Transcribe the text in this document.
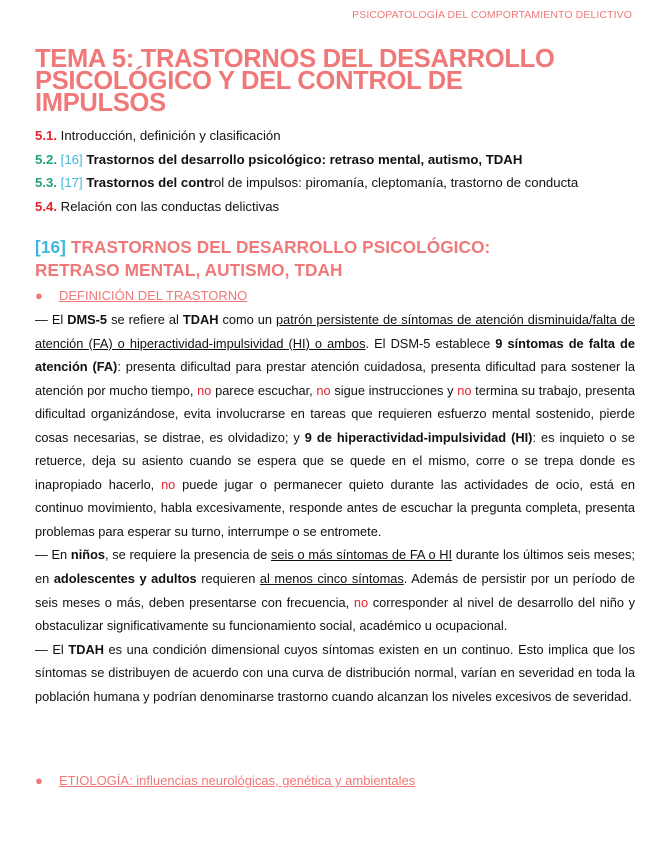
PSICOPATOLOGÍA DEL COMPORTAMIENTO DELICTIVO
TEMA 5: TRASTORNOS DEL DESARROLLO
PSICOLÓGICO Y DEL CONTROL DE
IMPULSOS
5.1. Introducción, definición y clasificación
5.2. [16] Trastornos del desarrollo psicológico: retraso mental, autismo, TDAH
5.3. [17] Trastornos del control de impulsos: piromanía, cleptomanía, trastorno de conducta
5.4. Relación con las conductas delictivas
[16] TRASTORNOS DEL DESARROLLO PSICOLÓGICO:
RETRASO MENTAL, AUTISMO, TDAH
● DEFINICIÓN DEL TRASTORNO

— El DMS-5 se refiere al TDAH como un patrón persistente de síntomas de atención disminuida/falta de atención (FA) o hiperactividad-impulsividad (HI) o ambos. El DSM-5 establece 9 síntomas de falta de atención (FA): presenta dificultad para prestar atención cuidadosa, presenta dificultad para sostener la atención por mucho tiempo, no parece escuchar, no sigue instrucciones y no termina su trabajo, presenta dificultad organizándose, evita involucrarse en tareas que requieren esfuerzo mental sostenido, pierde cosas necesarias, se distrae, es olvidadizo; y 9 de hiperactividad-impulsividad (HI): es inquieto o se retuerce, deja su asiento cuando se espera que se quede en el mismo, corre o se trepa donde es inapropiado hacerlo, no puede jugar o permanecer quieto durante las actividades de ocio, está en continuo movimiento, habla excesivamente, responde antes de escuchar la pregunta completa, presenta problemas para esperar su turno, interrumpe o se entromete.

— En niños, se requiere la presencia de seis o más síntomas de FA o HI durante los últimos seis meses; en adolescentes y adultos requieren al menos cinco síntomas. Además de persistir por un período de seis meses o más, deben presentarse con frecuencia, no corresponder al nivel de desarrollo del niño y obstaculizar significativamente su funcionamiento social, académico u ocupacional.

— El TDAH es una condición dimensional cuyos síntomas existen en un continuo. Esto implica que los síntomas se distribuyen de acuerdo con una curva de distribución normal, varían en severidad en toda la población humana y podrían denominarse trastorno cuando alcanzan los niveles excesivos de severidad.

● ETIOLOGÍA: influencias neurológicas, genética y ambientales
